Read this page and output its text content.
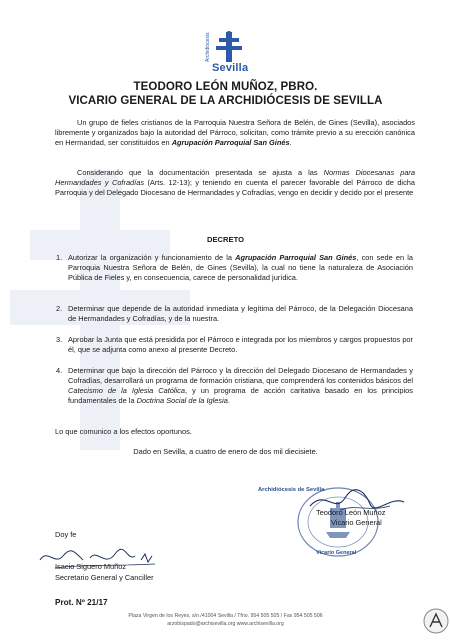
Archidiócesis
Sevilla
TEODORO LEÓN MUÑOZ, PBRO.
VICARIO GENERAL DE LA ARCHIDIÓCESIS DE SEVILLA
Un grupo de fieles cristianos de la Parroquia Nuestra Señora de Belén, de Gines (Sevilla), asociados libremente y organizados bajo la autoridad del Párroco, solicitan, como trámite previo a su erección canónica en Hermandad, ser constituidos en Agrupación Parroquial San Ginés.
Considerando que la documentación presentada se ajusta a las Normas Diocesanas para Hermandades y Cofradías (Arts. 12-13); y teniendo en cuenta el parecer favorable del Párroco de dicha Parroquia y del Delegado Diocesano de Hermandades y Cofradías, vengo en decidir y decido por el presente
DECRETO
1. Autorizar la organización y funcionamiento de la Agrupación Parroquial San Ginés, con sede en la Parroquia Nuestra Señora de Belén, de Gines (Sevilla), la cual no tiene la naturaleza de Asociación Pública de Fieles y, en consecuencia, carece de personalidad jurídica.
2. Determinar que depende de la autoridad inmediata y legítima del Párroco, de la Delegación Diocesana de Hermandades y Cofradías, y de la nuestra.
3. Aprobar la Junta que está presidida por el Párroco e integrada por los miembros y cargos propuestos por él, que se adjunta como anexo al presente Decreto.
4. Determinar que bajo la dirección del Párroco y la dirección del Delegado Diocesano de Hermandades y Cofradías, desarrollará un programa de formación cristiana, que comprenderá los contenidos básicos del Catecismo de la Iglesia Católica, y un programa de acción caritativa basado en los principios fundamentales de la Doctrina Social de la Iglesia.
Lo que comunico a los efectos oportunos.
Dado en Sevilla, a cuatro de enero de dos mil diecisiete.
Archidiócesis de Sevilla
Vicario General
Teodoro León Muñoz
Vicario General
Doy fe
Isacio Siguero Muñoz
Secretario General y Canciller
Prot. Nº 21/17
Plaza Virgen de los Reyes, s/n /41004 Sevilla / Tfno. 954 505 505 / Fax 954 505 506
arzobispado@archisevilla.org www.archisevilla.org
